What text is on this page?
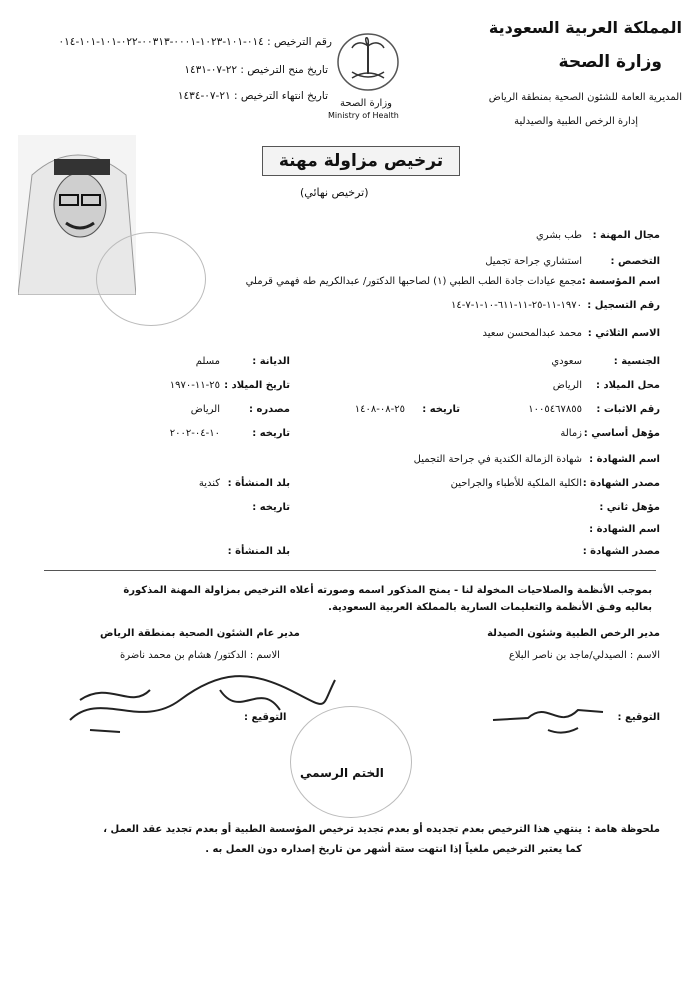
المملكة العربية السعودية
وزارة الصحة
المديرية العامة للشئون الصحية بمنطقة الرياض
إدارة الرخص الطبية والصيدلية
وزارة الصحة
Ministry of Health
رقم الترخيص : ٠١٤-١٠١-١٠٢٣-٠٠٠١-٠٠٣١٣-٠٢٢-١٠١-١٠١-٠١٤
تاريخ منح الترخيص : ٢٢-٠٧-١٤٣١
تاريخ انتهاء الترخيص : ٢١-٠٧-١٤٣٤
ترخيص مزاولة مهنة
(ترخيص نهائي)
مجال المهنة :
طب بشري
التخصص :
استشاري جراحة تجميل
اسم المؤسسة :
مجمع عيادات جادة الطب الطبي (١) لصاحبها الدكتور/ عبدالكريم طه فهمي قرملي
رقم التسجيل :
١٩٧٠-١١-٢٥-١١-٦١١-١٠-١-٧-١٤
الاسم الثلاثي :
محمد عبدالمحسن سعيد
الجنسية :
سعودي
الديانة :
مسلم
محل الميلاد :
الرياض
تاريخ الميلاد :
٢٥-١١-١٩٧٠
رقم الاثبات :
١٠٠٥٤٦٧٨٥٥
تاريخه :
٢٥-٠٨-١٤٠٨
مصدره :
الرياض
مؤهل أساسي :
زمالة
تاريخه :
١٠-٠٤-٢٠٠٢
اسم الشهادة :
شهادة الزمالة الكندية في جراحة التجميل
مصدر الشهادة :
الكلية الملكية للأطباء والجراحين
بلد المنشأة :
كندية
مؤهل ثاني :
تاريخه :
اسم الشهادة :
مصدر الشهادة :
بلد المنشأة :
بموجب الأنظمة والصلاحيات المخولة لنا - يمنح المذكور اسمه وصورته أعلاه الترخيص بمزاولة المهنة المذكورة بعاليه وفـق الأنظمة والتعليمات السارية بالمملكة العربية السعودية.
مدير الرخص الطبية وشئون الصيدلة
الاسم : الصيدلي/ماجد بن ناصر البلاع
التوقيع :
مدير عام الشئون الصحية بمنطقة الرياض
الاسم : الدكتور/ هشام بن محمد ناضرة
التوقيع :
الختم الرسمي
ملحوظة هامة :
ينتهي هذا الترخيص بعدم تجديده أو بعدم تجديد ترخيص المؤسسة الطبية أو بعدم تجديد عقد العمل ،
كما يعتبر الترخيص ملغياً إذا انتهت ستة أشهر من تاريخ إصداره دون العمل به .
